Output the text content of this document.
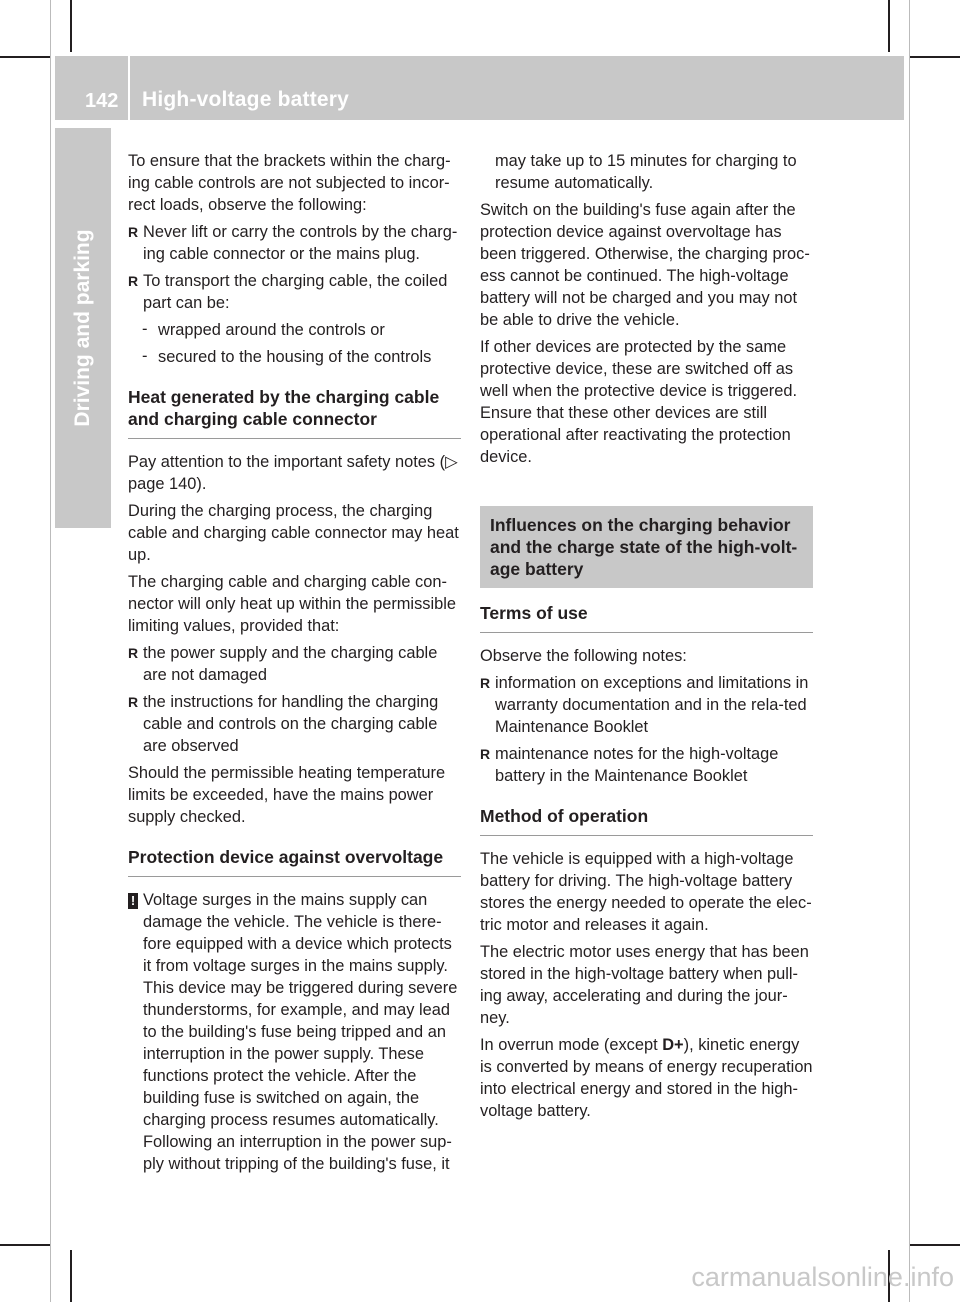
142 High-voltage battery
Driving and parking

To ensure that the brackets within the charg-ing cable controls are not subjected to incor-rect loads, observe the following:

R Never lift or carry the controls by the charg-ing cable connector or the mains plug.
R To transport the charging cable, the coiled part can be:
- wrapped around the controls or
- secured to the housing of the controls
Heat generated by the charging cable and charging cable connector

Pay attention to the important safety notes (▷ page 140).

During the charging process, the charging cable and charging cable connector may heat up.

The charging cable and charging cable con-nector will only heat up within the permissible limiting values, provided that:

R the power supply and the charging cable are not damaged
R the instructions for handling the charging cable and controls on the charging cable are observed

Should the permissible heating temperature limits be exceeded, have the mains power supply checked.

Protection device against overvoltage
! Voltage surges in the mains supply can damage the vehicle. The vehicle is there-fore equipped with a device which protects it from voltage surges in the mains supply. This device may be triggered during severe thunderstorms, for example, and may lead to the building's fuse being tripped and an interruption in the power supply. These functions protect the vehicle. After the building fuse is switched on again, the charging process resumes automatically. Following an interruption in the power sup-ply without tripping of the building's fuse, it

may take up to 15 minutes for charging to resume automatically.

Switch on the building's fuse again after the protection device against overvoltage has been triggered. Otherwise, the charging proc-ess cannot be continued. The high-voltage battery will not be charged and you may not be able to drive the vehicle.

If other devices are protected by the same protective device, these are switched off as well when the protective device is triggered. Ensure that these other devices are still operational after reactivating the protection device.

Influences on the charging behavior and the charge state of the high-volt-age battery
Terms of use

Observe the following notes:

R information on exceptions and limitations in warranty documentation and in the rela-ted Maintenance Booklet
R maintenance notes for the high-voltage battery in the Maintenance Booklet
Method of operation

The vehicle is equipped with a high-voltage battery for driving. The high-voltage battery stores the energy needed to operate the elec-tric motor and releases it again.

The electric motor uses energy that has been stored in the high-voltage battery when pull-ing away, accelerating and during the jour-ney.

In overrun mode (except D+), kinetic energy is converted by means of energy recuperation into electrical energy and stored in the high-voltage battery.

carmanualsonline.info
